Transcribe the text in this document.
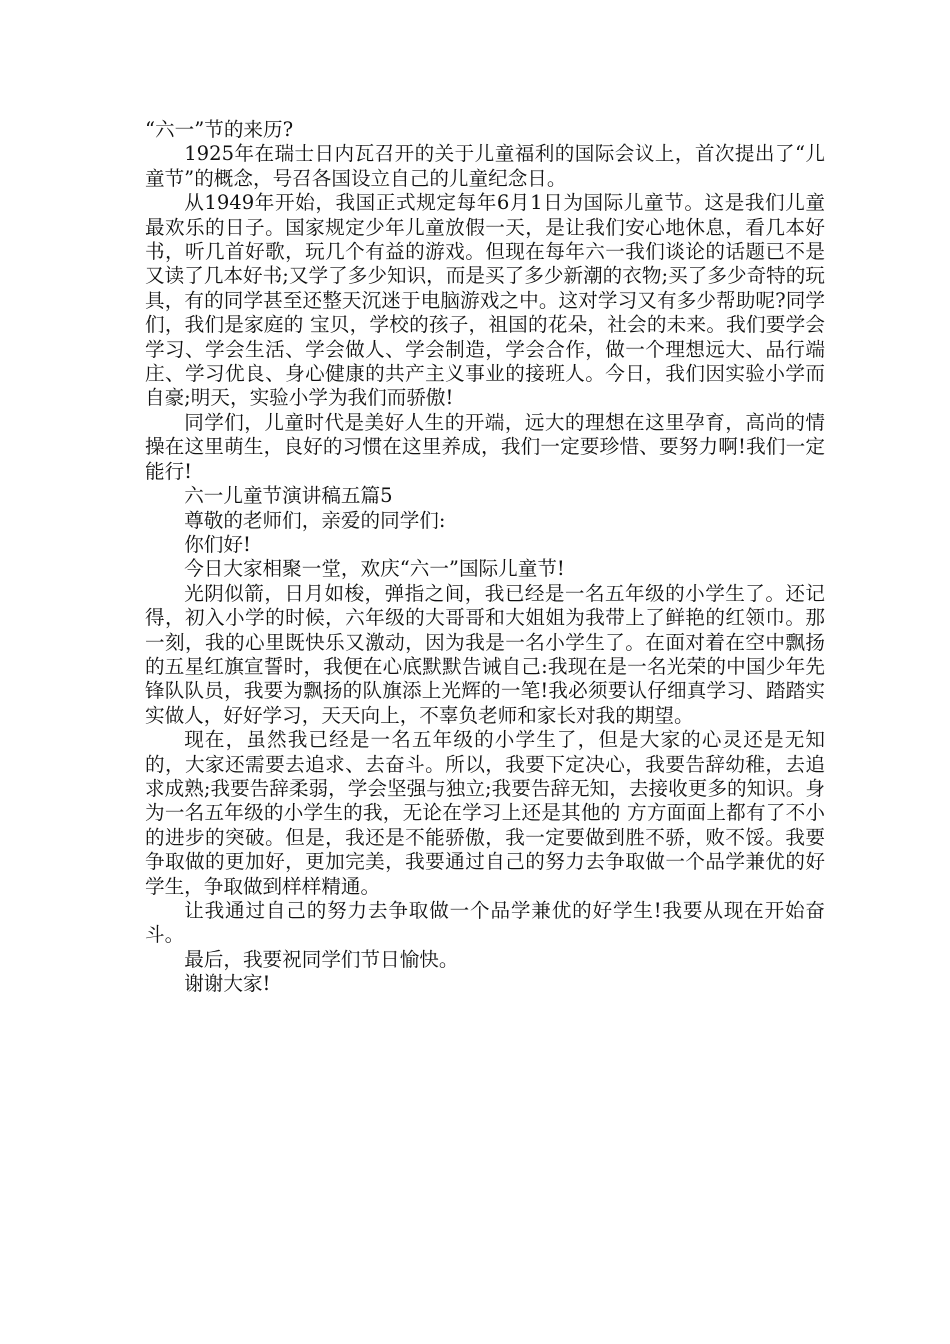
“六一”节的来历?

1925年在瑞士日内瓦召开的关于儿童福利的国际会议上，首次提出了“儿童节”的概念，号召各国设立自己的儿童纪念日。

从1949年开始，我国正式规定每年6月1日为国际儿童节。这是我们儿童最欢乐的日子。国家规定少年儿童放假一天，是让我们安心地休息，看几本好书，听几首好歌，玩几个有益的游戏。但现在每年六一我们谈论的话题已不是又读了几本好书;又学了多少知识，而是买了多少新潮的衣物;买了多少奇特的玩具，有的同学甚至还整天沉迷于电脑游戏之中。这对学习又有多少帮助呢?同学们，我们是家庭的 宝贝，学校的孩子，祖国的花朵，社会的未来。我们要学会学习、学会生活、学会做人、学会制造，学会合作，做一个理想远大、品行端庄、学习优良、身心健康的共产主义事业的接班人。今日，我们因实验小学而自豪;明天，实验小学为我们而骄傲!

同学们，儿童时代是美好人生的开端，远大的理想在这里孕育，高尚的情操在这里萌生，良好的习惯在这里养成，我们一定要珍惜、要努力啊!我们一定能行!

六一儿童节演讲稿五篇5

尊敬的老师们，亲爱的同学们:

你们好!

今日大家相聚一堂，欢庆“六一”国际儿童节!

光阴似箭，日月如梭，弹指之间，我已经是一名五年级的小学生了。还记得，初入小学的时候，六年级的大哥哥和大姐姐为我带上了鲜艳的红领巾。那一刻，我的心里既快乐又激动，因为我是一名小学生了。在面对着在空中飘扬的五星红旗宣誓时，我便在心底默默告诫自己:我现在是一名光荣的中国少年先锋队队员，我要为飘扬的队旗添上光辉的一笔!我必须要认仔细真学习、踏踏实实做人，好好学习，天天向上，不辜负老师和家长对我的期望。

现在，虽然我已经是一名五年级的小学生了，但是大家的心灵还是无知的，大家还需要去追求、去奋斗。所以，我要下定决心，我要告辞幼稚，去追求成熟;我要告辞柔弱，学会坚强与独立;我要告辞无知，去接收更多的知识。身为一名五年级的小学生的我，无论在学习上还是其他的 方方面面上都有了不小的进步的突破。但是，我还是不能骄傲，我一定要做到胜不骄，败不馁。我要争取做的更加好，更加完美，我要通过自己的努力去争取做一个品学兼优的好学生，争取做到样样精通。

让我通过自己的努力去争取做一个品学兼优的好学生!我要从现在开始奋斗。

最后，我要祝同学们节日愉快。

谢谢大家!
